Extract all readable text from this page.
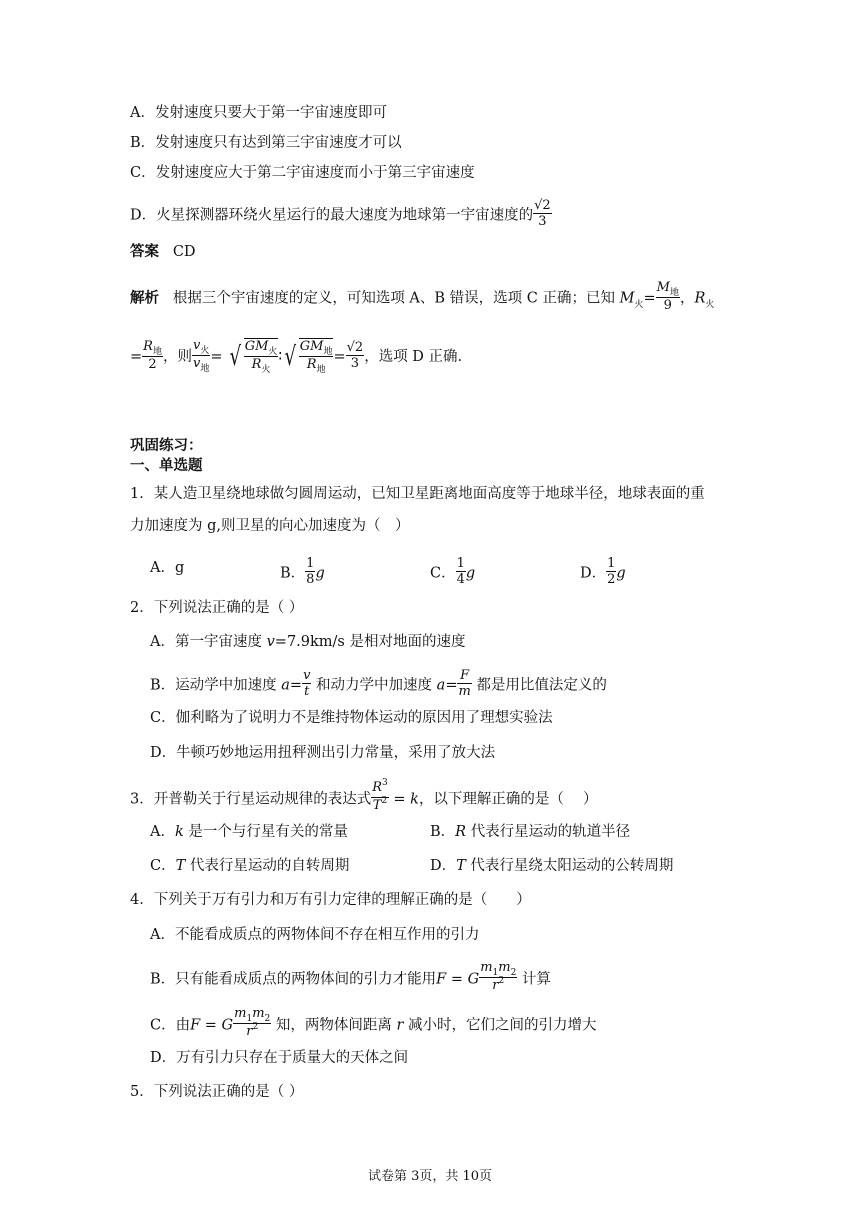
A．发射速度只要大于第一宇宙速度即可
B．发射速度只有达到第三宇宙速度才可以
C．发射速度应大于第二宇宙速度而小于第三宇宙速度
D．火星探测器环绕火星运行的最大速度为地球第一宇宙速度的 $\frac{√2}{3}$
答案 CD
解析 根据三个宇宙速度的定义，可知选项 A、B 错误，选项 C 正确；已知 $M_火= \frac{M_地}{9}$ ，$R_火$
= $\frac{R_地}{2}$ ，则 $\frac{v_火}{v_地}$ = √ $\frac{GM_火}{R_火}$ ∶√ $\frac{GM_地}{R_地} = \frac{√2}{3}$ ，选项 D 正确.
巩固练习：
一、单选题
1．某人造卫星绕地球做匀圆周运动，已知卫星距离地面高度等于地球半径，地球表面的重
力加速度为 g,则卫星的向心加速度为（　）
A．g	B． $\frac{1}{8}$ g	C． $\frac{1}{4}$ g	D． $\frac{1}{2}$ g
2．下列说法正确的是（ ）
A．第一宇宙速度 v=7.9km/s 是相对地面的速度
B．运动学中加速度 $a= \frac{v}{t}$ 和动力学中加速度 $a= \frac{F}{m}$ 都是用比值法定义的
C．伽利略为了说明力不是维持物体运动的原因用了理想实验法
D．牛顿巧妙地运用扭秤测出引力常量，采用了放大法
3．开普勒关于行星运动规律的表达式 $\frac{R^3}{T^2} = k$，以下理解正确的是（　 ）
A．k 是一个与行星有关的常量	B．R 代表行星运动的轨道半径
C．T 代表行星运动的自转周期	D．T 代表行星绕太阳运动的公转周期
4．下列关于万有引力和万有引力定律的理解正确的是（　　）
A．不能看成质点的两物体间不存在相互作用的引力
B．只有能看成质点的两物体间的引力才能用F = G $\frac{m_1m_2}{r^2}$ 计算
C．由F = G $\frac{m_1m_2}{r^2}$ 知，两物体间距离 r 减小时，它们之间的引力增大
D．万有引力只存在于质量大的天体之间
5．下列说法正确的是（ ）
试卷第 3页，共 10页
